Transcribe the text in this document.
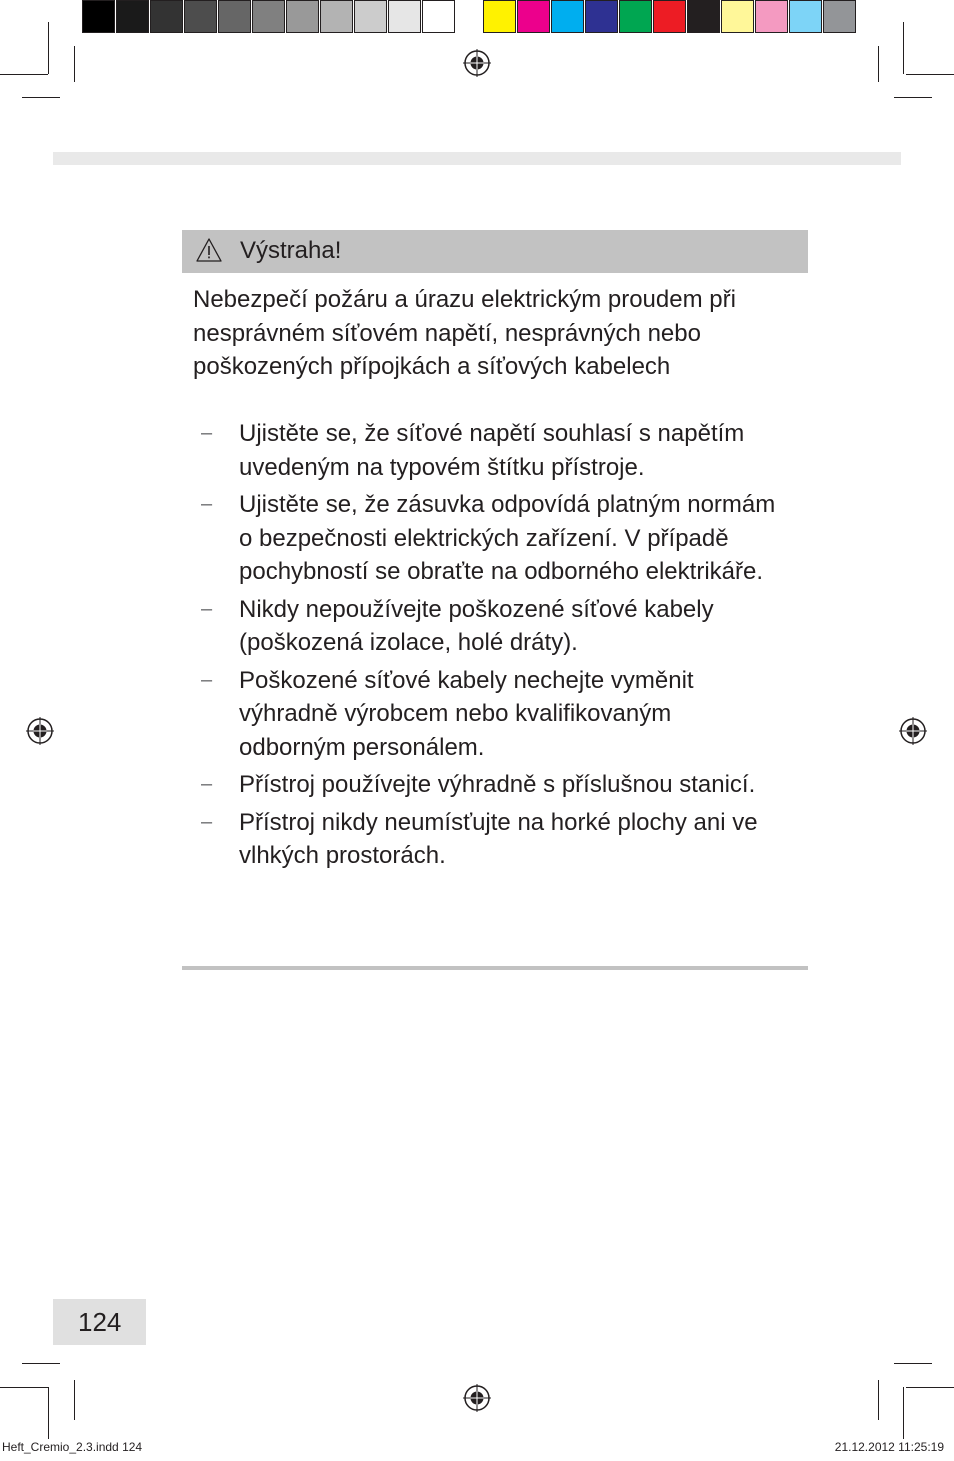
Výstraha!
Nebezpečí požáru a úrazu elektrickým proudem při nesprávném síťovém napětí, nesprávných nebo poškozených přípojkách a síťových kabelech
– Ujistěte se, že síťové napětí souhlasí s napětím uvedeným na typovém štítku přístroje.
– Ujistěte se, že zásuvka odpovídá platným normám o bezpečnosti elektrických zařízení. V případě pochybností se obraťte na odborného elektrikáře.
– Nikdy nepoužívejte poškozené síťové kabely (poškozená izolace, holé dráty).
– Poškozené síťové kabely nechejte vyměnit výhradně výrobcem nebo kvalifikovaným odborným personálem.
– Přístroj používejte výhradně s příslušnou stanicí.
– Přístroj nikdy neumísťujte na horké plochy ani ve vlhkých prostorách.
124
Heft_Cremio_2.3.indd 124	21.12.2012 11:25:19
